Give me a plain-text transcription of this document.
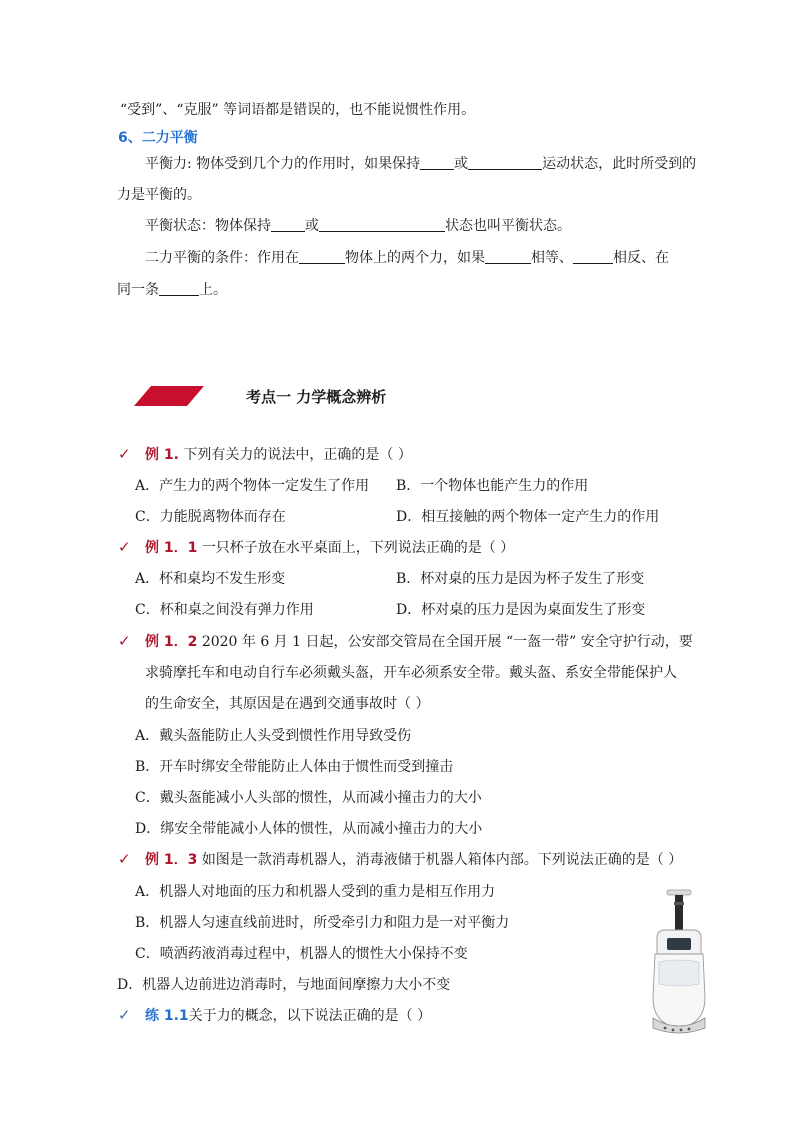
“受到”、“克服” 等词语都是错误的，也不能说惯性作用。
6、二力平衡
平衡力: 物体受到几个力的作用时，如果保持 或	运动状态，此时所受到的
力是平衡的。
平衡状态：物体保持 或	状态也叫平衡状态。
二力平衡的条件：作用在	物体上的两个力，如果	相等、	相反、在
同一条	上。
考点一 力学概念辨析
✓ 例 1. 下列有关力的说法中，正确的是（ ）
A．产生力的两个物体一定发生了作用 B．一个物体也能产生力的作用
C．力能脱离物体而存在	D．相互接触的两个物体一定产生力的作用
✓ 例 1．1 一只杯子放在水平桌面上，下列说法正确的是（ ）
A．杯和桌均不发生形变	B．杯对桌的压力是因为杯子发生了形变
C．杯和桌之间没有弹力作用	D．杯对桌的压力是因为桌面发生了形变
✓ 例 1．2 2020 年 6 月 1 日起，公安部交管局在全国开展 “一盔一带” 安全守护行动，要
求骑摩托车和电动自行车必须戴头盔，开车必须系安全带。戴头盔、系安全带能保护人
的生命安全，其原因是在遇到交通事故时（ ）
A．戴头盔能防止人头受到惯性作用导致受伤
B．开车时绑安全带能防止人体由于惯性而受到撞击
C．戴头盔能减小人头部的惯性，从而减小撞击力的大小
D．绑安全带能减小人体的惯性，从而减小撞击力的大小
✓ 例 1．3 如图是一款消毒机器人，消毒液储于机器人箱体内部。下列说法正确的是（ ）
A．机器人对地面的压力和机器人受到的重力是相互作用力
B．机器人匀速直线前进时，所受牵引力和阻力是一对平衡力
C．喷洒药液消毒过程中，机器人的惯性大小保持不变
D．机器人边前进边消毒时，与地面间摩擦力大小不变
✓ 练 1.1关于力的概念，以下说法正确的是（ ）
